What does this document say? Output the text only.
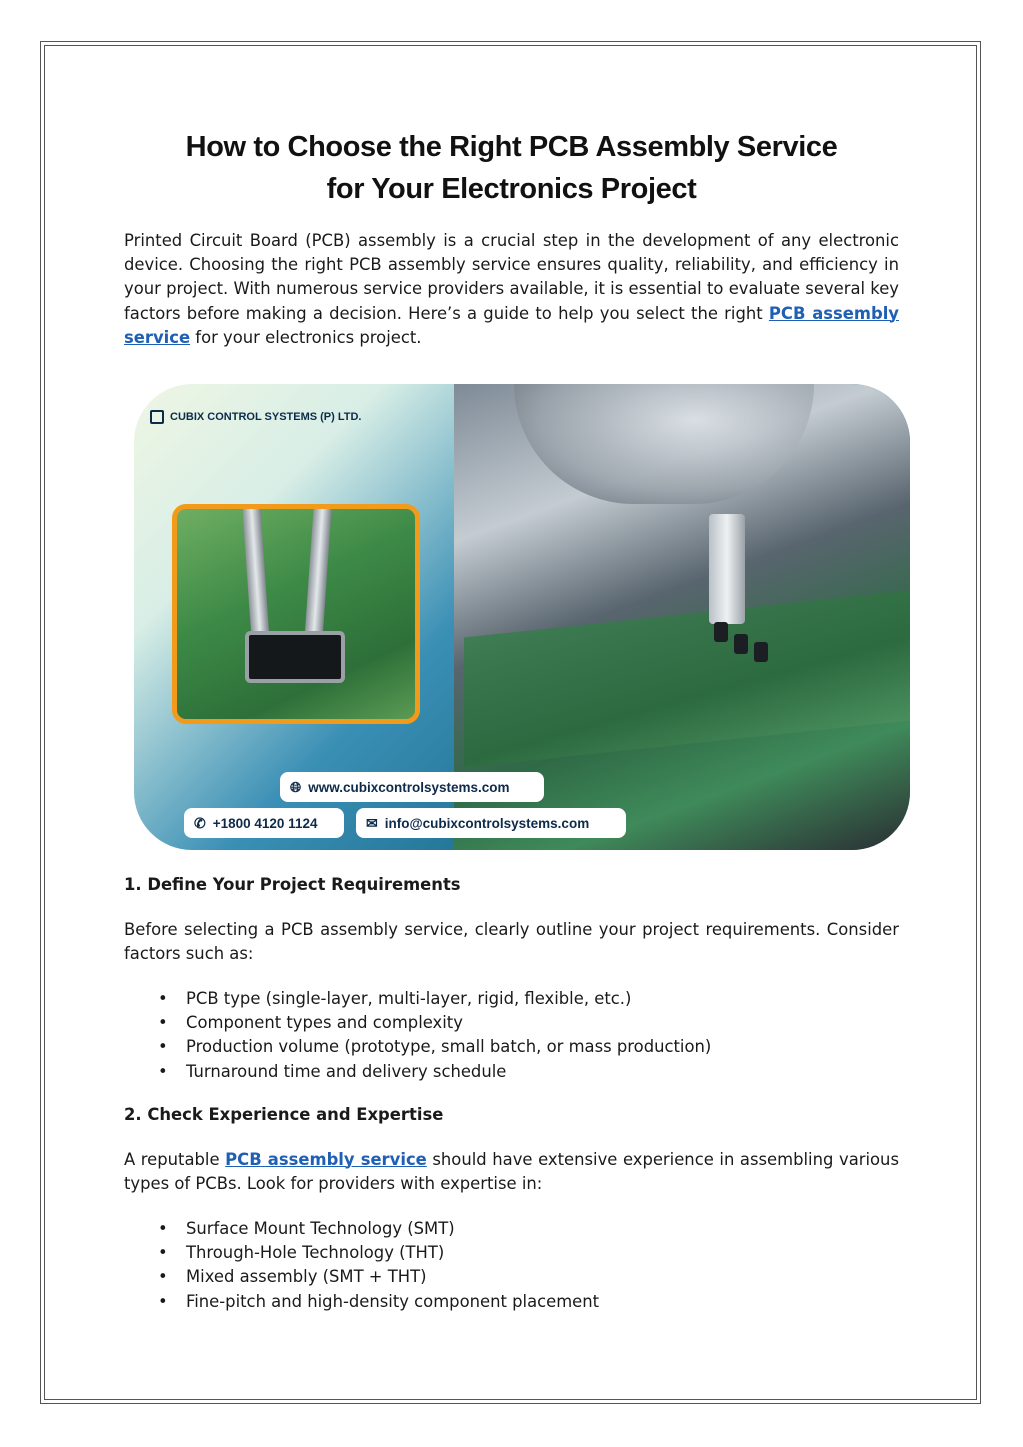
How to Choose the Right PCB Assembly Service
for Your Electronics Project

Printed Circuit Board (PCB) assembly is a crucial step in the development of any electronic device. Choosing the right PCB assembly service ensures quality, reliability, and efficiency in your project. With numerous service providers available, it is essential to evaluate several key factors before making a decision. Here’s a guide to help you select the right PCB assembly service for your electronics project.

CUBIX CONTROL SYSTEMS (P) LTD.
🌐︎ www.cubixcontrolsystems.com
✆ +1800 4120 1124	✉ info@cubixcontrolsystems.com
1. Define Your Project Requirements

Before selecting a PCB assembly service, clearly outline your project requirements. Consider factors such as:

• PCB type (single-layer, multi-layer, rigid, flexible, etc.)
• Component types and complexity
• Production volume (prototype, small batch, or mass production)
• Turnaround time and delivery schedule
2. Check Experience and Expertise

A reputable PCB assembly service should have extensive experience in assembling various types of PCBs. Look for providers with expertise in:

• Surface Mount Technology (SMT)
• Through-Hole Technology (THT)
• Mixed assembly (SMT + THT)
• Fine-pitch and high-density component placement
